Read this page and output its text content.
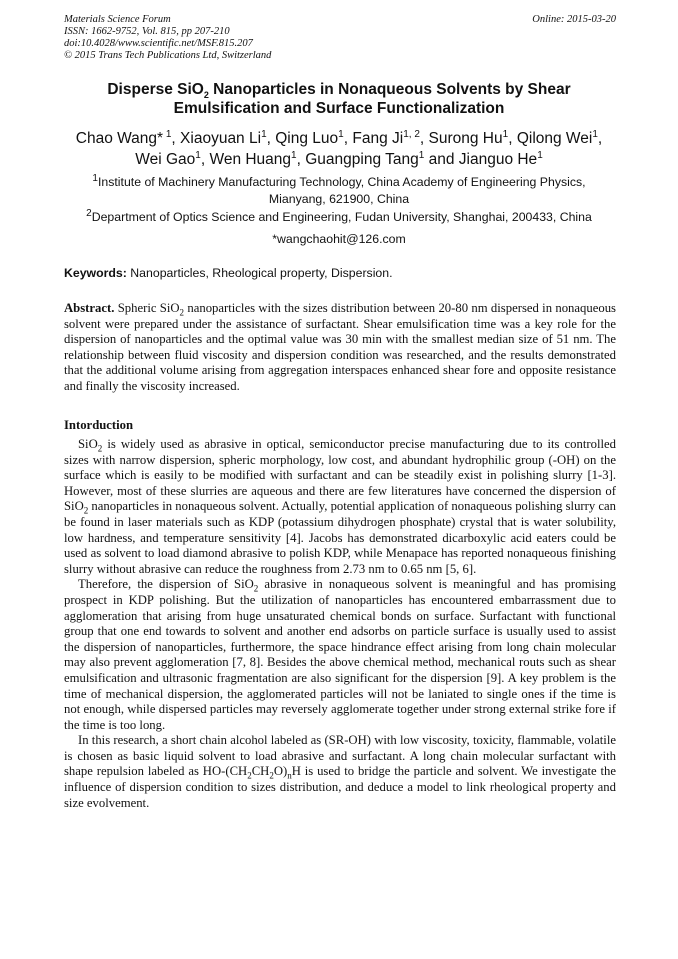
Materials Science Forum
ISSN: 1662-9752, Vol. 815, pp 207-210
doi:10.4028/www.scientific.net/MSF.815.207
© 2015 Trans Tech Publications Ltd, Switzerland
Online: 2015-03-20
Disperse SiO$_2$ Nanoparticles in Nonaqueous Solvents by Shear Emulsification and Surface Functionalization
Chao Wang* $^1$, Xiaoyuan Li$^1$, Qing Luo$^1$, Fang Ji$^{1, 2}$, Surong Hu$^1$, Qilong Wei$^1$,
Wei Gao$^1$, Wen Huang$^1$, Guangping Tang$^1$ and Jianguo He$^1$
$^1$Institute of Machinery Manufacturing Technology, China Academy of Engineering Physics, Mianyang, 621900, China
$^2$Department of Optics Science and Engineering, Fudan University, Shanghai, 200433, China
*wangchaohit@126.com
Keywords: Nanoparticles, Rheological property, Dispersion.
Abstract. Spheric SiO$_2$ nanoparticles with the sizes distribution between 20-80 nm dispersed in nonaqueous solvent were prepared under the assistance of surfactant. Shear emulsification time was a key role for the dispersion of nanoparticles and the optimal value was 30 min with the smallest median size of 51 nm. The relationship between fluid viscosity and dispersion condition was researched, and the results demonstrated that the additional volume arising from aggregation interspaces enhanced shear fore and opposite resistance and finally the viscosity increased.
Intorduction

SiO$_2$ is widely used as abrasive in optical, semiconductor precise manufacturing due to its controlled sizes with narrow dispersion, spheric morphology, low cost, and abundant hydrophilic group (-OH) on the surface which is easily to be modified with surfactant and can be steadily exist in polishing slurry [1-3]. However, most of these slurries are aqueous and there are few literatures have concerned the dispersion of SiO$_2$ nanoparticles in nonaqueous solvent. Actually, potential application of nonaqueous polishing slurry can be found in laser materials such as KDP (potassium dihydrogen phosphate) crystal that is water solubility, low hardness, and temperature sensitivity [4]. Jacobs has demonstrated dicarboxylic acid eaters could be used as solvent to load diamond abrasive to polish KDP, while Menapace has reported nonaqueous finishing slurry without abrasive can reduce the roughness from 2.73 nm to 0.65 nm [5, 6].

Therefore, the dispersion of SiO$_2$ abrasive in nonaqueous solvent is meaningful and has promising prospect in KDP polishing. But the utilization of nanoparticles has encountered embarrassment due to agglomeration that arising from huge unsaturated chemical bonds on surface. Surfactant with functional group that one end towards to solvent and another end adsorbs on particle surface is usually used to assist the dispersion of nanoparticles, furthermore, the space hindrance effect arising from long chain molecular may also prevent agglomeration [7, 8]. Besides the above chemical method, mechanical routs such as shear emulsification and ultrasonic fragmentation are also significant for the dispersion [9]. A key problem is the time of mechanical dispersion, the agglomerated particles will not be laniated to single ones if the time is not enough, while dispersed particles may reversely agglomerate together under strong external strike fore if the time is too long.

In this research, a short chain alcohol labeled as (SR-OH) with low viscosity, toxicity, flammable, volatile is chosen as basic liquid solvent to load abrasive and surfactant. A long chain molecular surfactant with shape repulsion labeled as $HO-(CH_2CH_2O)_nH$ is used to bridge the particle and solvent. We investigate the influence of dispersion condition to sizes distribution, and deduce a model to link rheological property and size evolvement.
